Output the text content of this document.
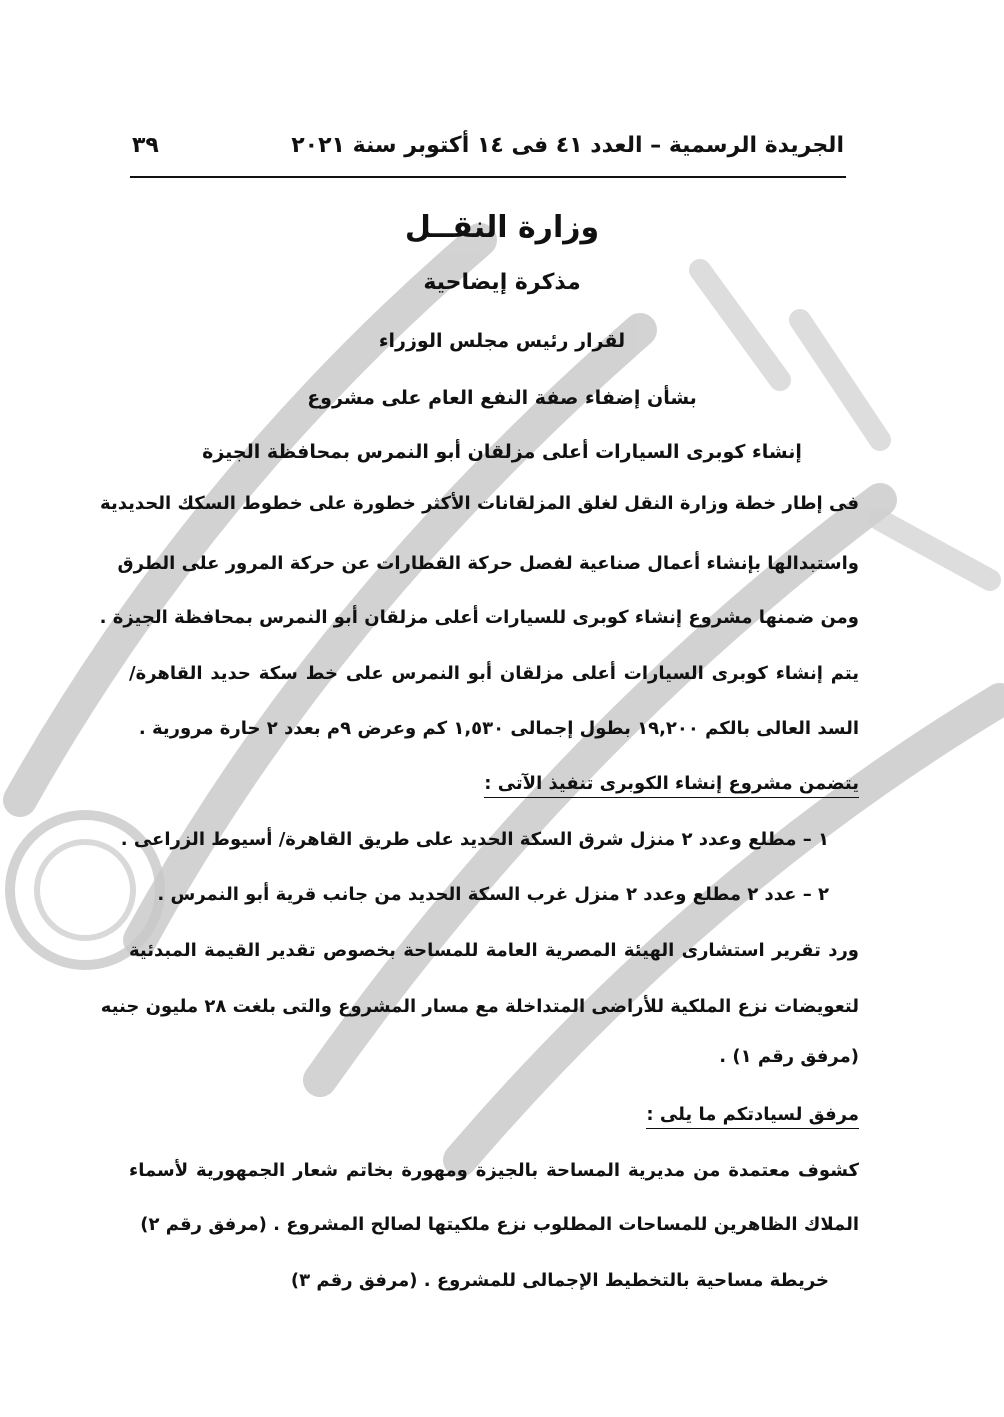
الجريدة الرسمية – العدد ٤١ فى ١٤ أكتوبر سنة ٢٠٢١
٣٩
وزارة النقــل
مذكرة إيضاحية
لقرار رئيس مجلس الوزراء
بشأن إضفاء صفة النفع العام على مشروع
إنشاء كوبرى السيارات أعلى مزلقان أبو النمرس بمحافظة الجيزة
فى إطار خطة وزارة النقل لغلق المزلقانات الأكثر خطورة على خطوط السكك الحديدية
واستبدالها بإنشاء أعمال صناعية لفصل حركة القطارات عن حركة المرور على الطرق
ومن ضمنها مشروع إنشاء كوبرى للسيارات أعلى مزلقان أبو النمرس بمحافظة الجيزة .
يتم إنشاء كوبرى السيارات أعلى مزلقان أبو النمرس على خط سكة حديد القاهرة/
السد العالى بالكم ١٩,٢٠٠ بطول إجمالى ١,٥٣٠ كم وعرض ٩م بعدد ٢ حارة مرورية .
يتضمن مشروع إنشاء الكوبرى تنفيذ الآتى :
١ – مطلع وعدد ٢ منزل شرق السكة الحديد على طريق القاهرة/ أسيوط الزراعى .
٢ – عدد ٢ مطلع وعدد ٢ منزل غرب السكة الحديد من جانب قرية أبو النمرس .
ورد تقرير استشارى الهيئة المصرية العامة للمساحة بخصوص تقدير القيمة المبدئية
لتعويضات نزع الملكية للأراضى المتداخلة مع مسار المشروع والتى بلغت ٢٨ مليون جنيه
(مرفق رقم ١) .
مرفق لسيادتكم ما يلى :
كشوف معتمدة من مديرية المساحة بالجيزة ومهورة بخاتم شعار الجمهورية لأسماء
الملاك الظاهرين للمساحات المطلوب نزع ملكيتها لصالح المشروع . (مرفق رقم ٢)
خريطة مساحية بالتخطيط الإجمالى للمشروع . (مرفق رقم ٣)
